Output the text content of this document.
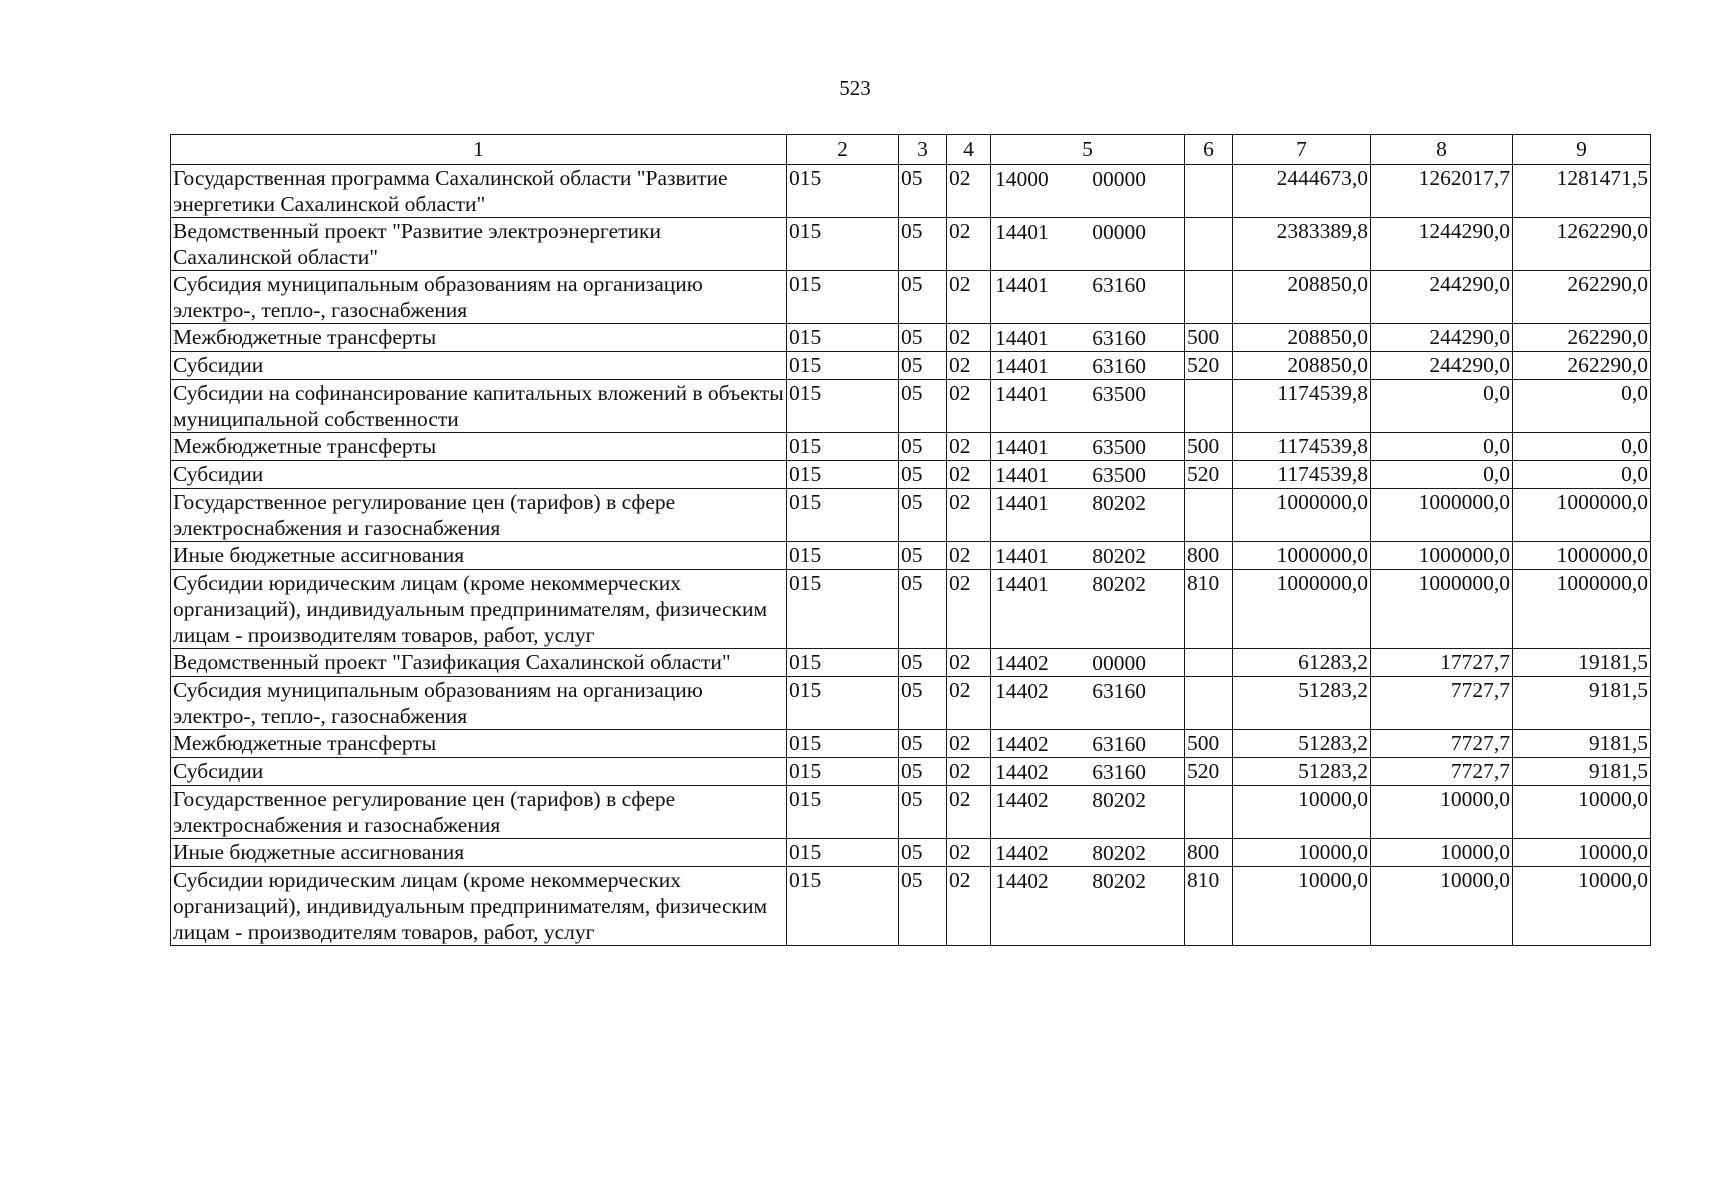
523
1	2	3	4	5	6	7	8	9
Государственная программа Сахалинской области "Развитие энергетики Сахалинской области"	015	05	02	14000 00000		2444673,0	1262017,7	1281471,5
Ведомственный проект "Развитие электроэнергетики Сахалинской области"	015	05	02	14401 00000		2383389,8	1244290,0	1262290,0
Субсидия муниципальным образованиям на организацию электро-, тепло-, газоснабжения	015	05	02	14401 63160		208850,0	244290,0	262290,0
Межбюджетные трансферты	015	05	02	14401 63160	500	208850,0	244290,0	262290,0
Субсидии	015	05	02	14401 63160	520	208850,0	244290,0	262290,0
Субсидии на софинансирование капитальных вложений в объекты муниципальной собственности	015	05	02	14401 63500		1174539,8	0,0	0,0
Межбюджетные трансферты	015	05	02	14401 63500	500	1174539,8	0,0	0,0
Субсидии	015	05	02	14401 63500	520	1174539,8	0,0	0,0
Государственное регулирование цен (тарифов) в сфере электроснабжения и газоснабжения	015	05	02	14401 80202		1000000,0	1000000,0	1000000,0
Иные бюджетные ассигнования	015	05	02	14401 80202	800	1000000,0	1000000,0	1000000,0
Субсидии юридическим лицам (кроме некоммерческих организаций), индивидуальным предпринимателям, физическим лицам - производителям товаров, работ, услуг	015	05	02	14401 80202	810	1000000,0	1000000,0	1000000,0
Ведомственный проект "Газификация Сахалинской области"	015	05	02	14402 00000		61283,2	17727,7	19181,5
Субсидия муниципальным образованиям на организацию электро-, тепло-, газоснабжения	015	05	02	14402 63160		51283,2	7727,7	9181,5
Межбюджетные трансферты	015	05	02	14402 63160	500	51283,2	7727,7	9181,5
Субсидии	015	05	02	14402 63160	520	51283,2	7727,7	9181,5
Государственное регулирование цен (тарифов) в сфере электроснабжения и газоснабжения	015	05	02	14402 80202		10000,0	10000,0	10000,0
Иные бюджетные ассигнования	015	05	02	14402 80202	800	10000,0	10000,0	10000,0
Субсидии юридическим лицам (кроме некоммерческих организаций), индивидуальным предпринимателям, физическим лицам - производителям товаров, работ, услуг	015	05	02	14402 80202	810	10000,0	10000,0	10000,0
